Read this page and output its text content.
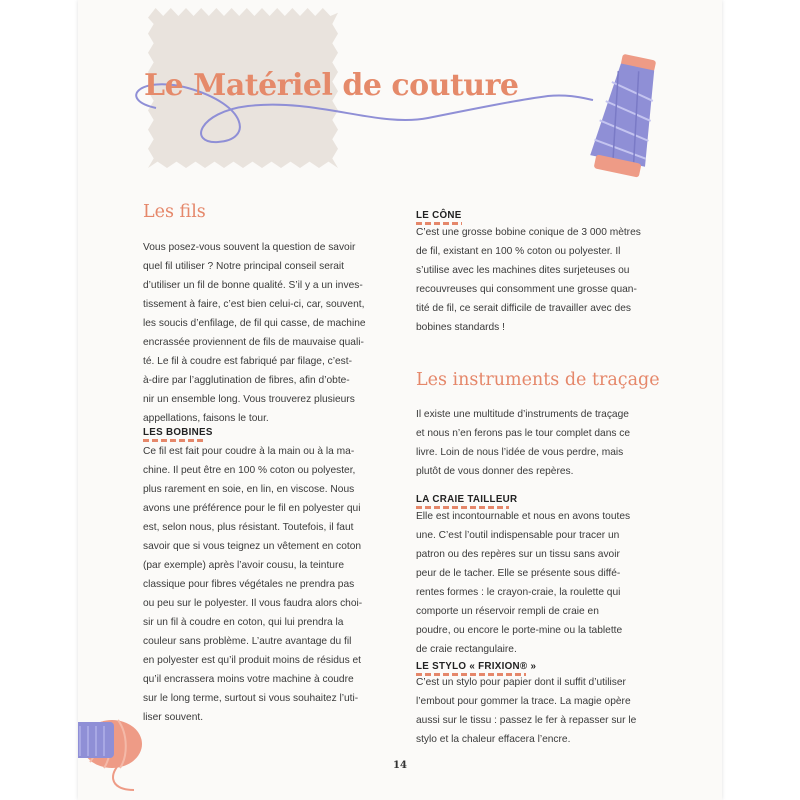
Le Matériel de couture
Les fils
Vous posez-vous souvent la question de savoir
quel fil utiliser ? Notre principal conseil serait
d’utiliser un fil de bonne qualité. S’il y a un inves-
tissement à faire, c’est bien celui-ci, car, souvent,
les soucis d’enfilage, de fil qui casse, de machine
encrassée proviennent de fils de mauvaise quali-
té. Le fil à coudre est fabriqué par filage, c’est-
à-dire par l’agglutination de fibres, afin d’obte-
nir un ensemble long. Vous trouverez plusieurs
appellations, faisons le tour.
LES BOBINES
Ce fil est fait pour coudre à la main ou à la ma-
chine. Il peut être en 100 % coton ou polyester,
plus rarement en soie, en lin, en viscose. Nous
avons une préférence pour le fil en polyester qui
est, selon nous, plus résistant. Toutefois, il faut
savoir que si vous teignez un vêtement en coton
(par exemple) après l’avoir cousu, la teinture
classique pour fibres végétales ne prendra pas
ou peu sur le polyester. Il vous faudra alors choi-
sir un fil à coudre en coton, qui lui prendra la
couleur sans problème. L’autre avantage du fil
en polyester est qu’il produit moins de résidus et
qu’il encrassera moins votre machine à coudre
sur le long terme, surtout si vous souhaitez l’uti-
liser souvent.
LE CÔNE
C’est une grosse bobine conique de 3 000 mètres
de fil, existant en 100 % coton ou polyester. Il
s’utilise avec les machines dites surjeteuses ou
recouvreuses qui consomment une grosse quan-
tité de fil, ce serait difficile de travailler avec des
bobines standards !
Les instruments de traçage
Il existe une multitude d’instruments de traçage
et nous n’en ferons pas le tour complet dans ce
livre. Loin de nous l’idée de vous perdre, mais
plutôt de vous donner des repères.
LA CRAIE TAILLEUR
Elle est incontournable et nous en avons toutes
une. C’est l’outil indispensable pour tracer un
patron ou des repères sur un tissu sans avoir
peur de le tacher. Elle se présente sous diffé-
rentes formes : le crayon-craie, la roulette qui
comporte un réservoir rempli de craie en
poudre, ou encore le porte-mine ou la tablette
de craie rectangulaire.
LE STYLO « FRIXION® »
C’est un stylo pour papier dont il suffit d’utiliser
l’embout pour gommer la trace. La magie opère
aussi sur le tissu : passez le fer à repasser sur le
stylo et la chaleur effacera l’encre.
14
